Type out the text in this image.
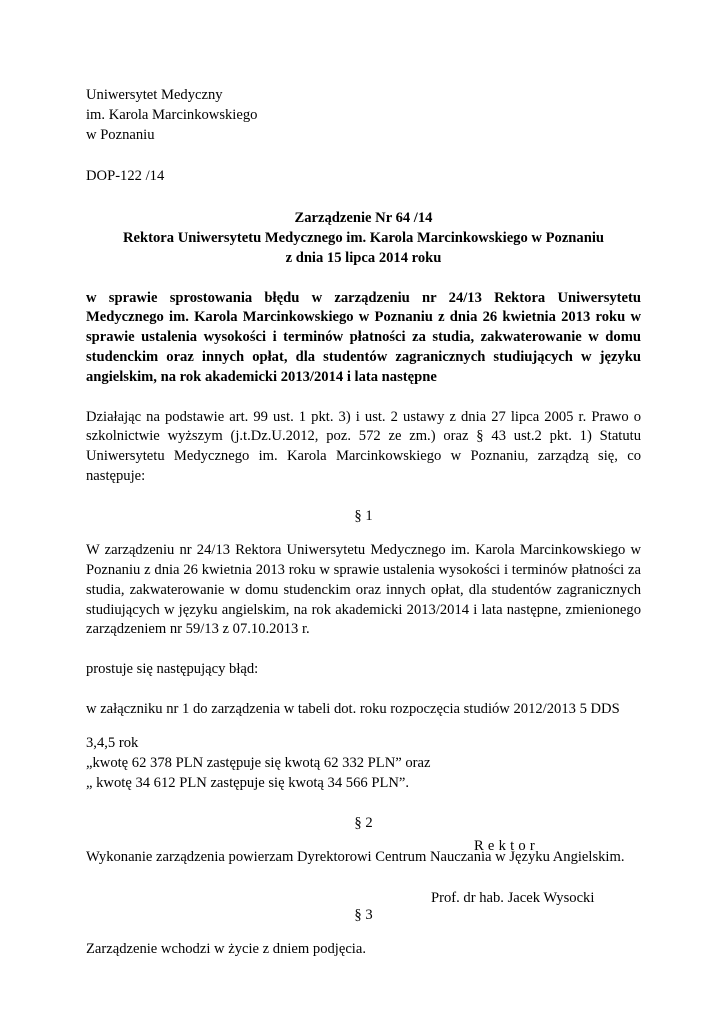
Uniwersytet Medyczny

im. Karola Marcinkowskiego

w Poznaniu

DOP-122 /14

Zarządzenie Nr 64 /14

Rektora Uniwersytetu Medycznego im. Karola Marcinkowskiego w Poznaniu

z dnia 15 lipca 2014 roku

w sprawie sprostowania błędu w zarządzeniu nr 24/13 Rektora Uniwersytetu Medycznego im. Karola Marcinkowskiego w Poznaniu z dnia 26 kwietnia 2013 roku w sprawie ustalenia wysokości i terminów płatności za studia, zakwaterowanie w domu studenckim oraz innych opłat, dla studentów zagranicznych studiujących w języku angielskim, na rok akademicki 2013/2014 i lata następne

Działając na podstawie art. 99 ust. 1 pkt. 3) i ust. 2 ustawy z dnia 27 lipca 2005 r. Prawo o szkolnictwie wyższym (j.t.Dz.U.2012, poz. 572 ze zm.) oraz § 43 ust.2 pkt. 1) Statutu Uniwersytetu Medycznego im. Karola Marcinkowskiego w Poznaniu, zarządzą się, co następuje:

§ 1

W zarządzeniu nr 24/13 Rektora Uniwersytetu Medycznego im. Karola Marcinkowskiego w Poznaniu z dnia 26 kwietnia 2013 roku w sprawie ustalenia wysokości i terminów płatności za studia, zakwaterowanie w domu studenckim oraz innych opłat, dla studentów zagranicznych studiujących w języku angielskim, na rok akademicki 2013/2014 i lata następne, zmienionego zarządzeniem nr 59/13 z 07.10.2013 r.

prostuje się następujący błąd:

w załączniku nr 1 do zarządzenia w tabeli dot. roku rozpoczęcia studiów 2012/2013 5 DDS

3,4,5 rok

„kwotę 62 378 PLN zastępuje się kwotą 62 332 PLN” oraz

„ kwotę 34 612 PLN zastępuje się kwotą 34 566 PLN”.

§ 2

Wykonanie zarządzenia powierzam Dyrektorowi Centrum Nauczania w Języku Angielskim.

§ 3

Zarządzenie wchodzi w życie z dniem podjęcia.

Rektor

Prof. dr hab. Jacek Wysocki
